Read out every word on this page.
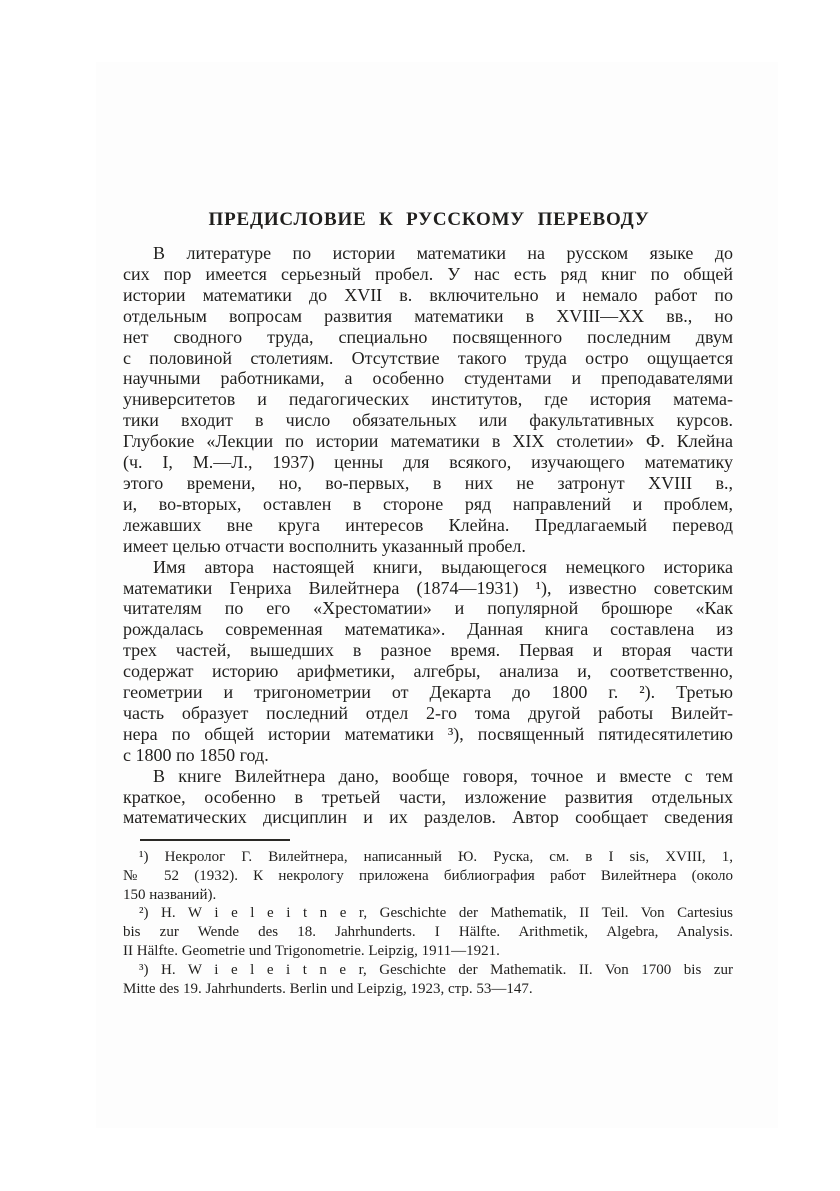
ПРЕДИСЛОВИЕ К РУССКОМУ ПЕРЕВОДУ
В литературе по истории математики на русском языке до
сих пор имеется серьезный пробел. У нас есть ряд книг по общей
истории математики до XVII в. включительно и немало работ по
отдельным вопросам развития математики в XVIII—XX вв., но
нет сводного труда, специально посвященного последним двум
с половиной столетиям. Отсутствие такого труда остро ощущается
научными работниками, а особенно студентами и преподавателями
университетов и педагогических институтов, где история матема-
тики входит в число обязательных или факультативных курсов.
Глубокие «Лекции по истории математики в XIX столетии» Ф. Клейна
(ч. I, М.—Л., 1937) ценны для всякого, изучающего математику
этого времени, но, во-первых, в них не затронут XVIII в.,
и, во-вторых, оставлен в стороне ряд направлений и проблем,
лежавших вне круга интересов Клейна. Предлагаемый перевод
имеет целью отчасти восполнить указанный пробел.
Имя автора настоящей книги, выдающегося немецкого историка
математики Генриха Вилейтнера (1874—1931) ¹), известно советским
читателям по его «Хрестоматии» и популярной брошюре «Как
рождалась современная математика». Данная книга составлена из
трех частей, вышедших в разное время. Первая и вторая части
содержат историю арифметики, алгебры, анализа и, соответственно,
геометрии и тригонометрии от Декарта до 1800 г. ²). Третью
часть образует последний отдел 2-го тома другой работы Вилейт-
нера по общей истории математики ³), посвященный пятидесятилетию
с 1800 по 1850 год.
В книге Вилейтнера дано, вообще говоря, точное и вместе с тем
краткое, особенно в третьей части, изложение развития отдельных
математических дисциплин и их разделов. Автор сообщает сведения
¹) Некролог Г. Вилейтнера, написанный Ю. Руска, см. в I sis, XVIII, 1,
№ 52 (1932). К некрологу приложена библиография работ Вилейтнера (около
150 названий).
²) H. W i e l e i t n e r, Geschichte der Mathematik, II Teil. Von Cartesius
bis zur Wende des 18. Jahrhunderts. I Hälfte. Arithmetik, Algebra, Analysis.
II Hälfte. Geometrie und Trigonometrie. Leipzig, 1911—1921.
³) H. W i e l e i t n e r, Geschichte der Mathematik. II. Von 1700 bis zur
Mitte des 19. Jahrhunderts. Berlin und Leipzig, 1923, стр. 53—147.
